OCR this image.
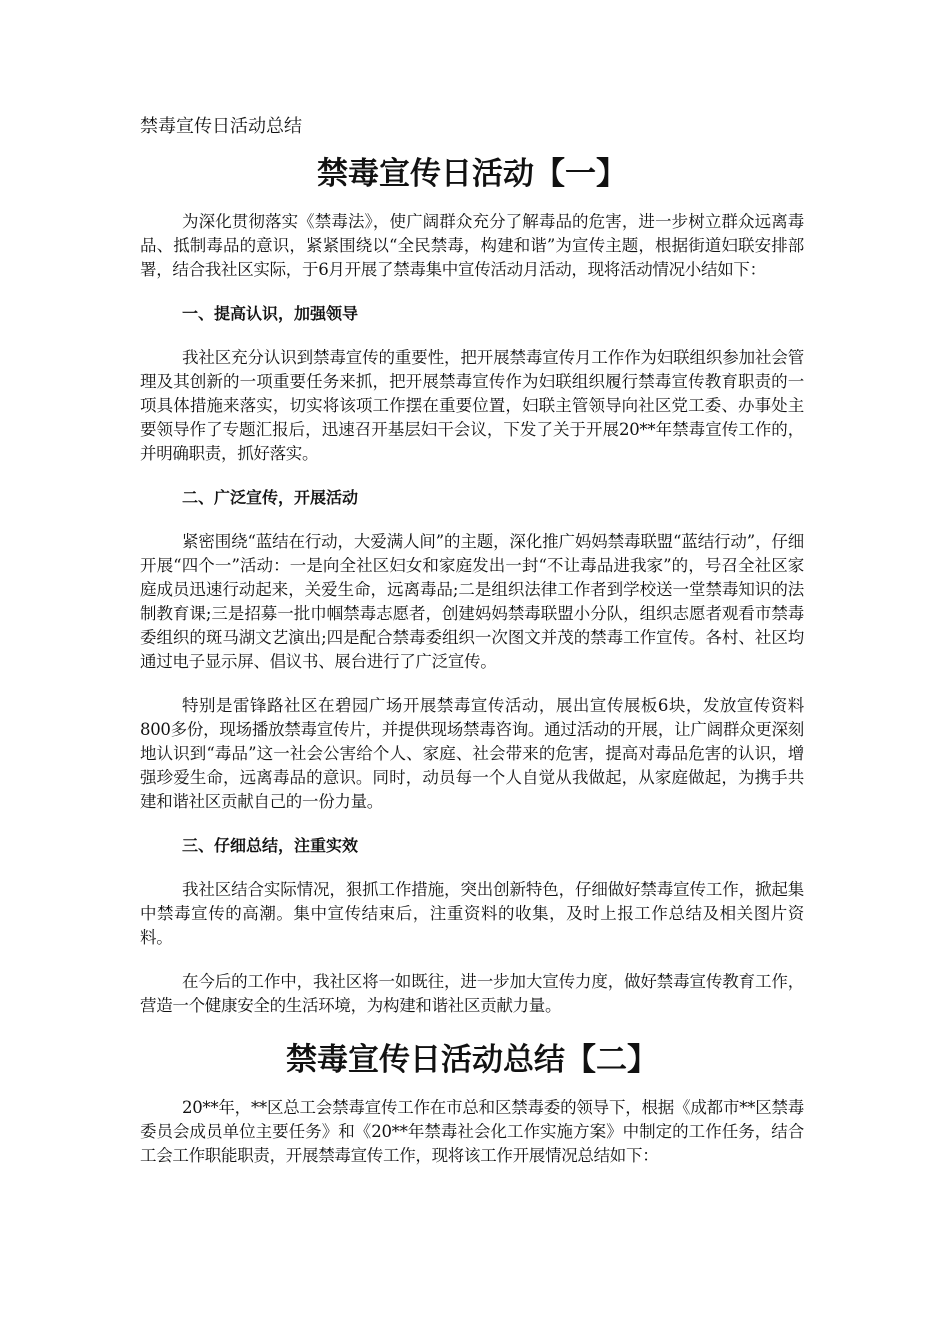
禁毒宣传日活动总结
禁毒宣传日活动【一】

为深化贯彻落实《禁毒法》，使广阔群众充分了解毒品的危害，进一步树立群众远离毒品、抵制毒品的意识，紧紧围绕以“全民禁毒，构建和谐”为宣传主题，根据街道妇联安排部署，结合我社区实际，于6月开展了禁毒集中宣传活动月活动，现将活动情况小结如下：

一、提高认识，加强领导

我社区充分认识到禁毒宣传的重要性，把开展禁毒宣传月工作作为妇联组织参加社会管理及其创新的一项重要任务来抓，把开展禁毒宣传作为妇联组织履行禁毒宣传教育职责的一项具体措施来落实，切实将该项工作摆在重要位置，妇联主管领导向社区党工委、办事处主要领导作了专题汇报后，迅速召开基层妇干会议，下发了关于开展20**年禁毒宣传工作的，并明确职责，抓好落实。

二、广泛宣传，开展活动

紧密围绕“蓝结在行动，大爱满人间”的主题，深化推广妈妈禁毒联盟“蓝结行动”，仔细开展“四个一”活动：一是向全社区妇女和家庭发出一封“不让毒品进我家”的，号召全社区家庭成员迅速行动起来，关爱生命，远离毒品;二是组织法律工作者到学校送一堂禁毒知识的法制教育课;三是招募一批巾帼禁毒志愿者，创建妈妈禁毒联盟小分队，组织志愿者观看市禁毒委组织的斑马湖文艺演出;四是配合禁毒委组织一次图文并茂的禁毒工作宣传。各村、社区均通过电子显示屏、倡议书、展台进行了广泛宣传。

特别是雷锋路社区在碧园广场开展禁毒宣传活动，展出宣传展板6块，发放宣传资料800多份，现场播放禁毒宣传片，并提供现场禁毒咨询。通过活动的开展，让广阔群众更深刻地认识到“毒品”这一社会公害给个人、家庭、社会带来的危害，提高对毒品危害的认识，增强珍爱生命，远离毒品的意识。同时，动员每一个人自觉从我做起，从家庭做起，为携手共建和谐社区贡献自己的一份力量。

三、仔细总结，注重实效

我社区结合实际情况，狠抓工作措施，突出创新特色，仔细做好禁毒宣传工作，掀起集中禁毒宣传的高潮。集中宣传结束后，注重资料的收集，及时上报工作总结及相关图片资料。

在今后的工作中，我社区将一如既往，进一步加大宣传力度，做好禁毒宣传教育工作，营造一个健康安全的生活环境，为构建和谐社区贡献力量。

禁毒宣传日活动总结【二】

20**年，**区总工会禁毒宣传工作在市总和区禁毒委的领导下，根据《成都市**区禁毒委员会成员单位主要任务》和《20**年禁毒社会化工作实施方案》中制定的工作任务，结合工会工作职能职责，开展禁毒宣传工作，现将该工作开展情况总结如下：
